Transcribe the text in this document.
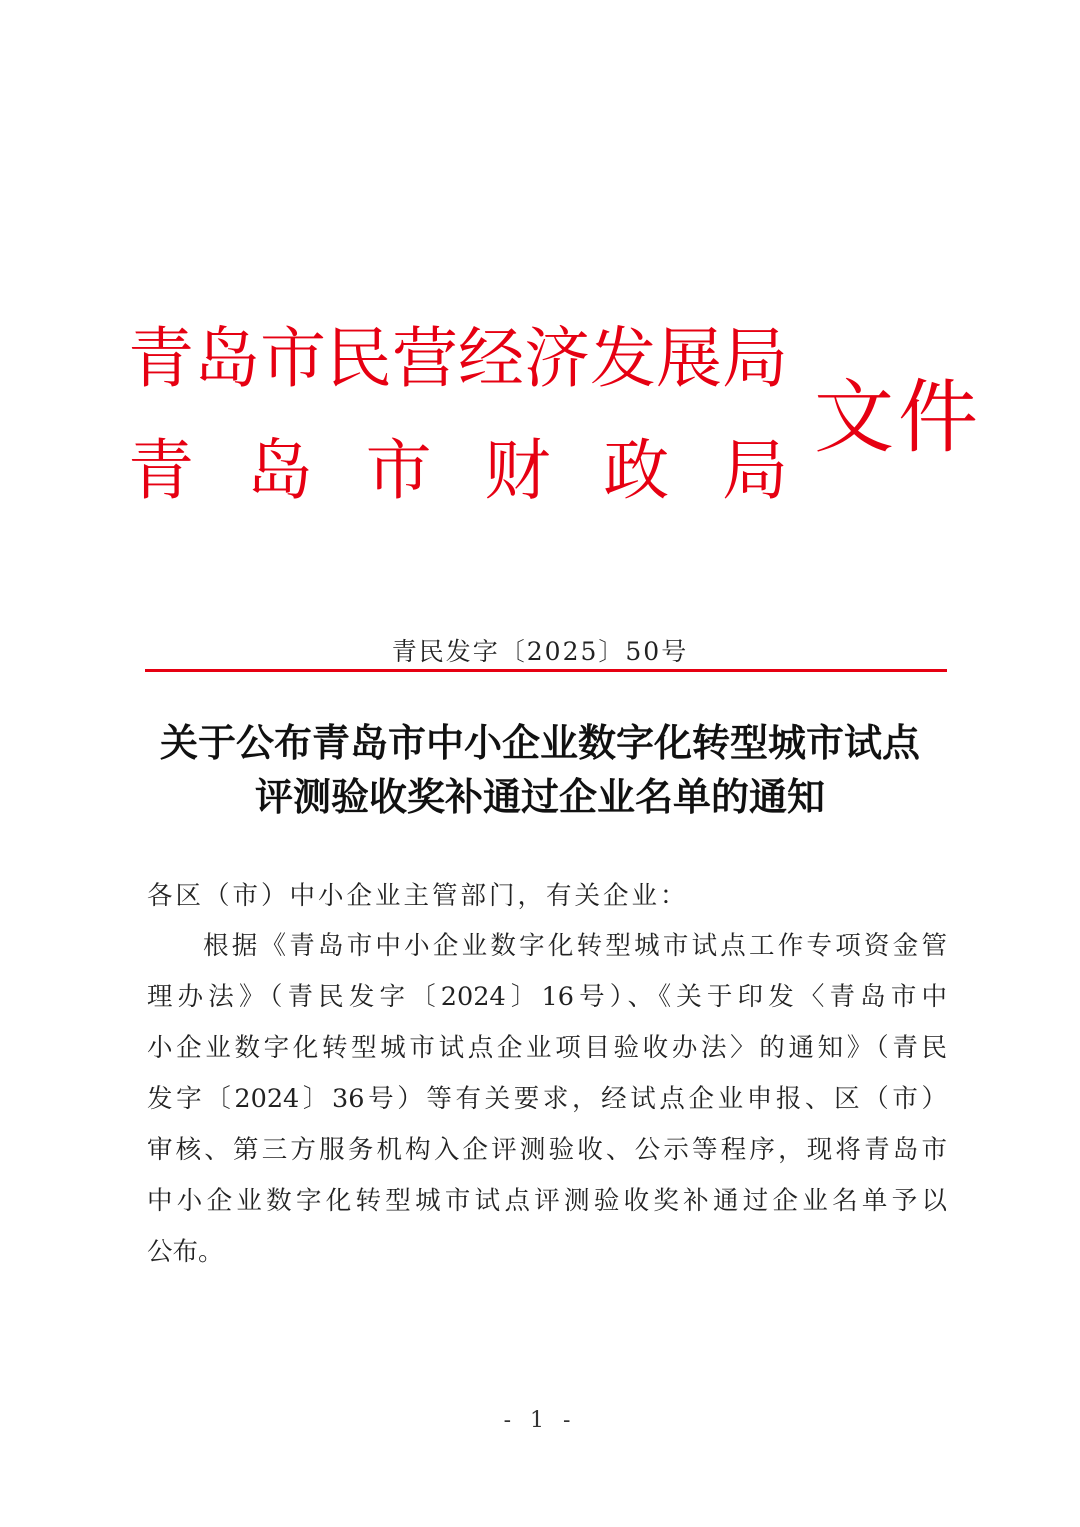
青 岛 市 民 营 经 济 发 展 局
青 岛 市 财 政 局
文件
青民发字〔2025〕50号
关于公布青岛市中小企业数字化转型城市试点
评测验收奖补通过企业名单的通知
各区（市）中小企业主管部门，有关企业：
根据《青岛市中小企业数字化转型城市试点工作专项资金管
理办法》（青民发字〔2024〕16号）、《关于印发〈青岛市中
小企业数字化转型城市试点企业项目验收办法〉的通知》（青民
发字〔2024〕36号）等有关要求，经试点企业申报、区（市）
审核、第三方服务机构入企评测验收、公示等程序，现将青岛市
中小企业数字化转型城市试点评测验收奖补通过企业名单予以
公布。
- 1 -
